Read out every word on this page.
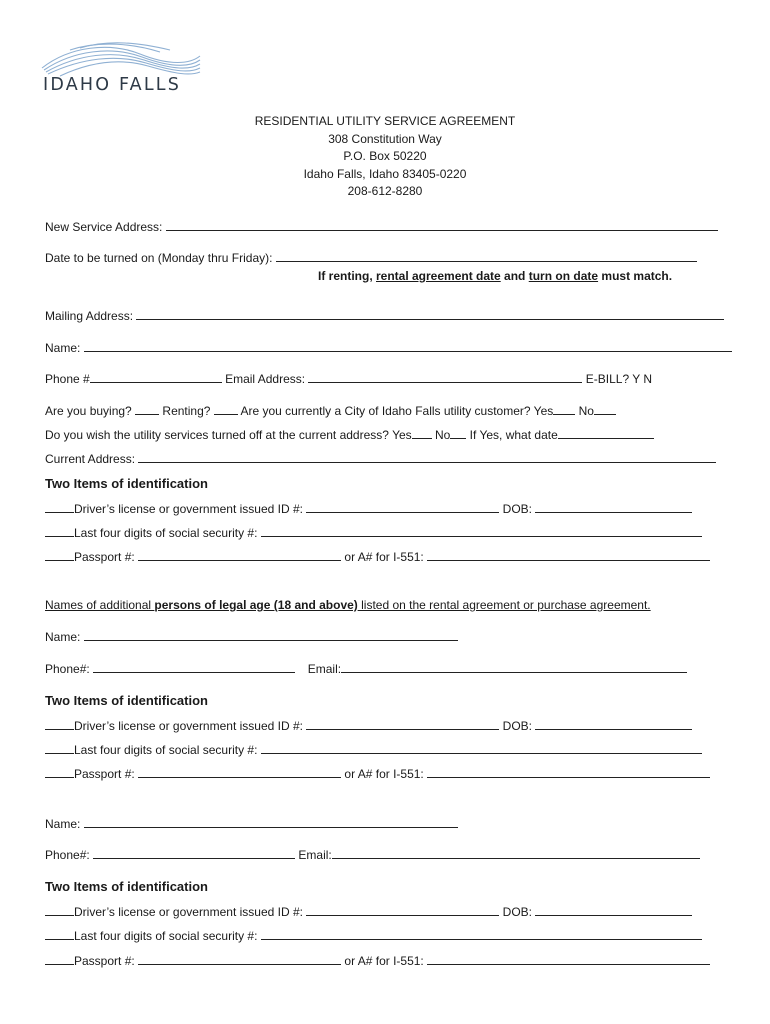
IDAHO FALLS
RESIDENTIAL UTILITY SERVICE AGREEMENT
308 Constitution Way
P.O. Box 50220
Idaho Falls, Idaho 83405-0220
208-612-8280
New Service Address:
Date to be turned on (Monday thru Friday):
If renting, rental agreement date and turn on date must match.
Mailing Address:
Name:
Phone #	Email Address:	E-BILL? Y N
Are you buying?  Renting?  Are you currently a City of Idaho Falls utility customer? Yes No
Do you wish the utility services turned off at the current address? Yes No If Yes, what date
Current Address:
Two Items of identification
Driver’s license or government issued ID #:	DOB:
Last four digits of social security #:
Passport #:	or A# for I-551:
Names of additional persons of legal age (18 and above) listed on the rental agreement or purchase agreement.
Name:
Phone#:	Email:
Two Items of identification
Driver’s license or government issued ID #:	DOB:
Last four digits of social security #:
Passport #:	or A# for I-551:
Name:
Phone#:	Email:
Two Items of identification
Driver’s license or government issued ID #:	DOB:
Last four digits of social security #:
Passport #:	or A# for I-551:
